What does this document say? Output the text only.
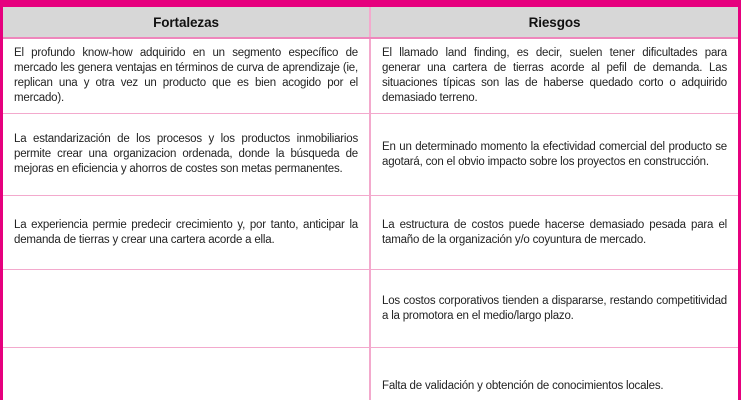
Fortalezas	Riesgos
El profundo know-how adquirido en un segmento específico de mercado les genera ventajas en términos de curva de aprendizaje (ie, replican una y otra vez un producto que es bien acogido por el mercado).
El llamado land finding, es decir, suelen tener dificultades para generar una cartera de tierras acorde al pefil de demanda. Las situaciones típicas son las de haberse quedado corto o adquirido demasiado terreno.
La estandarización de los procesos y los productos inmobiliarios permite crear una organizacion ordenada, donde la búsqueda de mejoras en eficiencia y ahorros de costes son metas permanentes.
En un determinado momento la efectividad comercial del producto se agotará, con el obvio impacto sobre los proyectos en construcción.
La experiencia permie predecir crecimiento y, por tanto, anticipar la demanda de tierras y crear una cartera acorde a ella.
La estructura de costos puede hacerse demasiado pesada para el tamaño de la organización y/o coyuntura de mercado.
Los costos corporativos tienden a dispararse, restando competitividad a la promotora en el medio/largo plazo.
Falta de validación y obtención de conocimientos locales.
